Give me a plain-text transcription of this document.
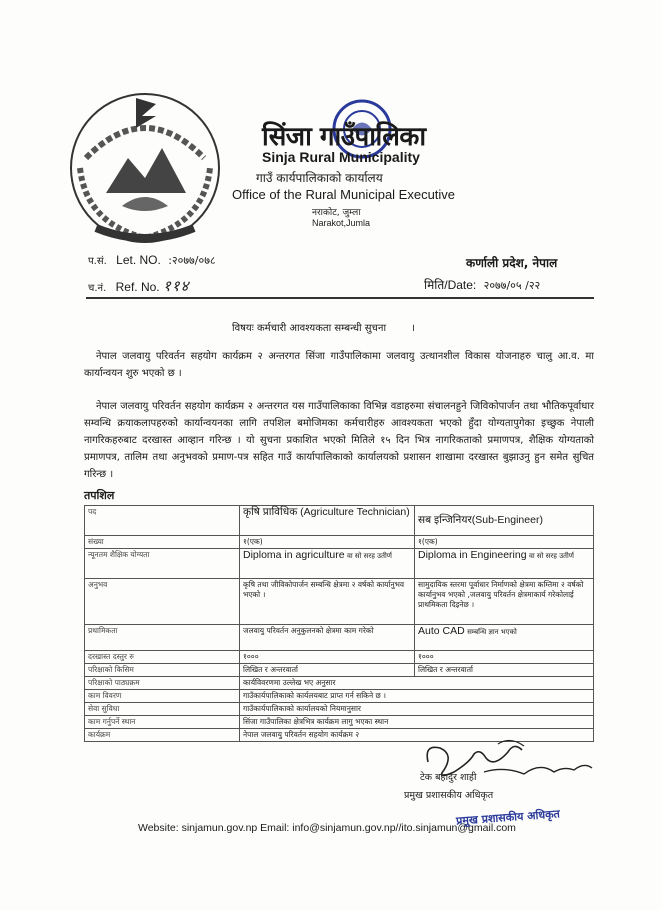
सिंजा गाउँपालिका
Sinja Rural Municipality
गाउँ कार्यपालिकाको कार्यालय
Office of the Rural Municipal Executive
नराकोट, जुम्ला
Narakot,Jumla
प.सं. Let. NO. :२०७७/०७८
च.नं. Ref. No. ११४
कर्णाली प्रदेश, नेपाल
मिति/Date: २०७७/०५ /२२
विषयः कर्मचारी आवश्यकता सम्बन्धी सुचना	।
नेपाल जलवायु परिवर्तन सहयोग कार्यक्रम २ अन्तरगत सिंजा गाउँपालिकामा जलवायु उत्थानशील विकास योजनाहरु चालु आ.व. मा कार्यान्वयन शुरु भएको छ ।
नेपाल जलवायु परिवर्तन सहयोग कार्यक्रम २ अन्तरगत यस गाउँपालिकाका विभिन्न वडाहरुमा संचालनहुने जिविकोपार्जन तथा भौतिकपूर्वाधार सम्वन्धि क्रयाकलापहरुको कार्यान्वयनका लागि तपशिल बमोजिमका कर्मचारीहरु आवश्यकता भएको हुँदा योग्यतापुगेका इच्छुक नेपाली नागरिकहरुबाट दरखास्त आव्हान गरिन्छ । यो सुचना प्रकाशित भएको मितिले १५ दिन भित्र नागरिकताको प्रमाणपत्र, शैक्षिक योग्यताको प्रमाणपत्र, तालिम तथा अनुभवको प्रमाण-पत्र सहित गाउँ कार्यापालिकाको कार्यालयको प्रशासन शाखामा दरखास्त बुझाउनु हुन समेत सुचित गरिन्छ ।
तपशिल
पद	कृषि प्राविधिक (Agriculture Technician)	सब इन्जिनियर(Sub-Engineer)
संख्या	१(एक)	१(एक)
न्यूनतम शैक्षिक योग्यता	Diploma in agriculture वा सो सरह उतीर्ण	Diploma in Engineering वा सो सरह उतीर्ण
अनुभव	कृषि तथा जीविकोपार्जन सम्बन्धि क्षेत्रमा २ वर्षको कार्यानुभव भएको ।	सामुदायिक स्तरमा पूर्वाधार निर्माणको क्षेत्रमा कम्तिमा २ वर्षको कार्यानुभव भएको ,जलवायु परिवर्तन क्षेत्रमाकार्य गरेकोलाई प्राथमिकता दिइनेछ ।
प्रथामिकता	जलवायु परिवर्तन अनुकुलनको क्षेत्रमा काम गरेको	Auto CAD सम्बन्धि ज्ञान भएको
दरखास्त दस्तुर रु	१०००	१०००
परिक्षाको किसिम	लिखित र अन्तरवार्ता	लिखित र अन्तरवार्ता
परिक्षाको पाठ्यक्रम	कार्यविवरणमा उल्लेख भए अनुसार	
काम विवरण	गाउँकार्यपालिकाको कार्यलयबाट प्राप्त गर्न सकिने छ ।	
सेवा सुविधा	गाउँकार्यपालिकाको कार्यालयको नियमानुसार	
काम गर्नुपर्ने स्थान	सिंजा गाउँपालिका क्षेत्रभित्र कार्यक्रम लागु भएका स्थान	
कार्यक्रम	नेपाल जलवायु परिवर्तन सहयोग कार्यक्रम २	
टेक बहादुर शाही
प्रमुख प्रशासकीय अधिकृत
Website: sinjamun.gov.np Email: info@sinjamun.gov.np//ito.sinjamun@gmail.com
प्रमुख प्रशासकीय अधिकृत
